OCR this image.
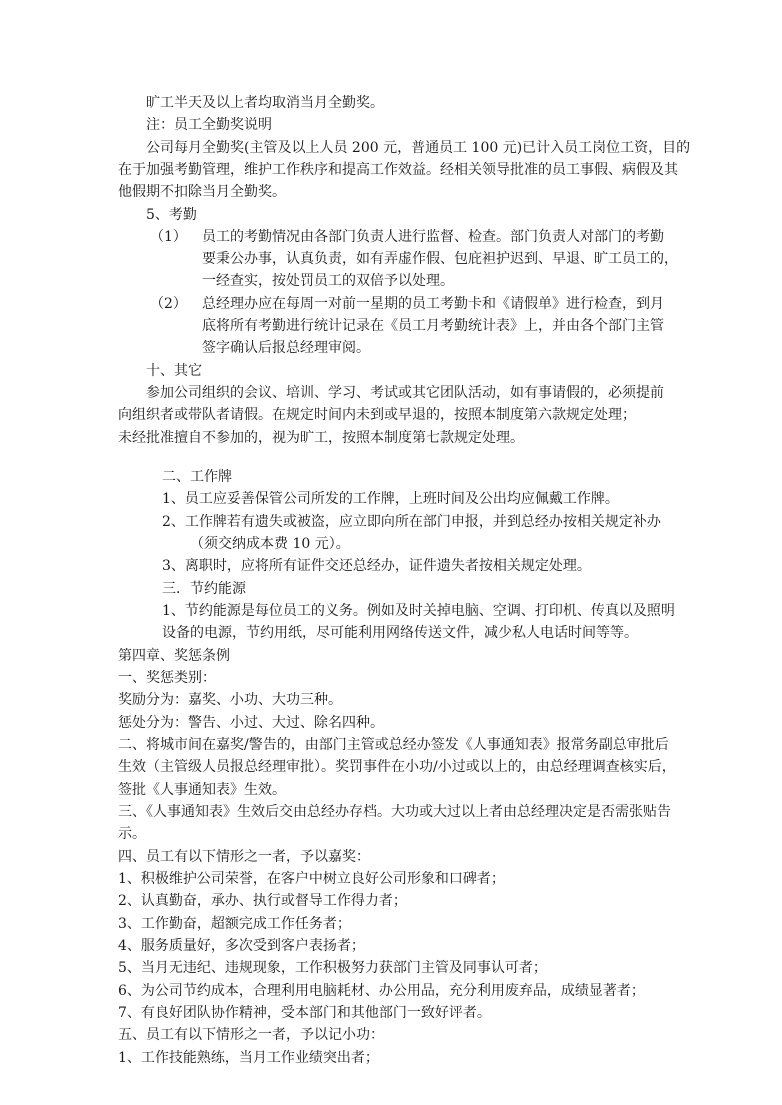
旷工半天及以上者均取消当月全勤奖。
注：员工全勤奖说明
公司每月全勤奖(主管及以上人员 200 元，普通员工 100 元)已计入员工岗位工资，目的
在于加强考勤管理，维护工作秩序和提高工作效益。经相关领导批准的员工事假、病假及其
他假期不扣除当月全勤奖。
5、考勤
（1） 员工的考勤情况由各部门负责人进行监督、检查。部门负责人对部门的考勤
要秉公办事，认真负责，如有弄虚作假、包庇袒护迟到、早退、旷工员工的，
一经查实，按处罚员工的双倍予以处理。
（2） 总经理办应在每周一对前一星期的员工考勤卡和《请假单》进行检查，到月
底将所有考勤进行统计记录在《员工月考勤统计表》上，并由各个部门主管
签字确认后报总经理审阅。
十、其它
参加公司组织的会议、培训、学习、考试或其它团队活动，如有事请假的，必须提前
向组织者或带队者请假。在规定时间内未到或早退的，按照本制度第六款规定处理；
未经批准擅自不参加的，视为旷工，按照本制度第七款规定处理。
二、工作牌
1、员工应妥善保管公司所发的工作牌，上班时间及公出均应佩戴工作牌。
2、工作牌若有遗失或被盗，应立即向所在部门申报，并到总经办按相关规定补办
（须交纳成本费 10 元）。
3、离职时，应将所有证件交还总经办，证件遗失者按相关规定处理。
三．节约能源
1、节约能源是每位员工的义务。例如及时关掉电脑、空调、打印机、传真以及照明
设备的电源，节约用纸，尽可能利用网络传送文件，减少私人电话时间等等。
第四章、奖惩条例
一、奖惩类别：
奖励分为：嘉奖、小功、大功三种。
惩处分为：警告、小过、大过、除名四种。
二、将城市间在嘉奖/警告的，由部门主管或总经办签发《人事通知表》报常务副总审批后
生效（主管级人员报总经理审批）。奖罚事件在小功/小过或以上的，由总经理调查核实后，
签批《人事通知表》生效。
三、《人事通知表》生效后交由总经办存档。大功或大过以上者由总经理决定是否需张贴告
示。
四、员工有以下情形之一者，予以嘉奖：
1、积极维护公司荣誉，在客户中树立良好公司形象和口碑者；
2、认真勤奋，承办、执行或督导工作得力者；
3、工作勤奋，超额完成工作任务者；
4、服务质量好，多次受到客户表扬者；
5、当月无违纪、违规现象，工作积极努力获部门主管及同事认可者；
6、为公司节约成本，合理利用电脑耗材、办公用品，充分利用废弃品，成绩显著者；
7、有良好团队协作精神，受本部门和其他部门一致好评者。
五、员工有以下情形之一者，予以记小功：
1、工作技能熟练，当月工作业绩突出者；
